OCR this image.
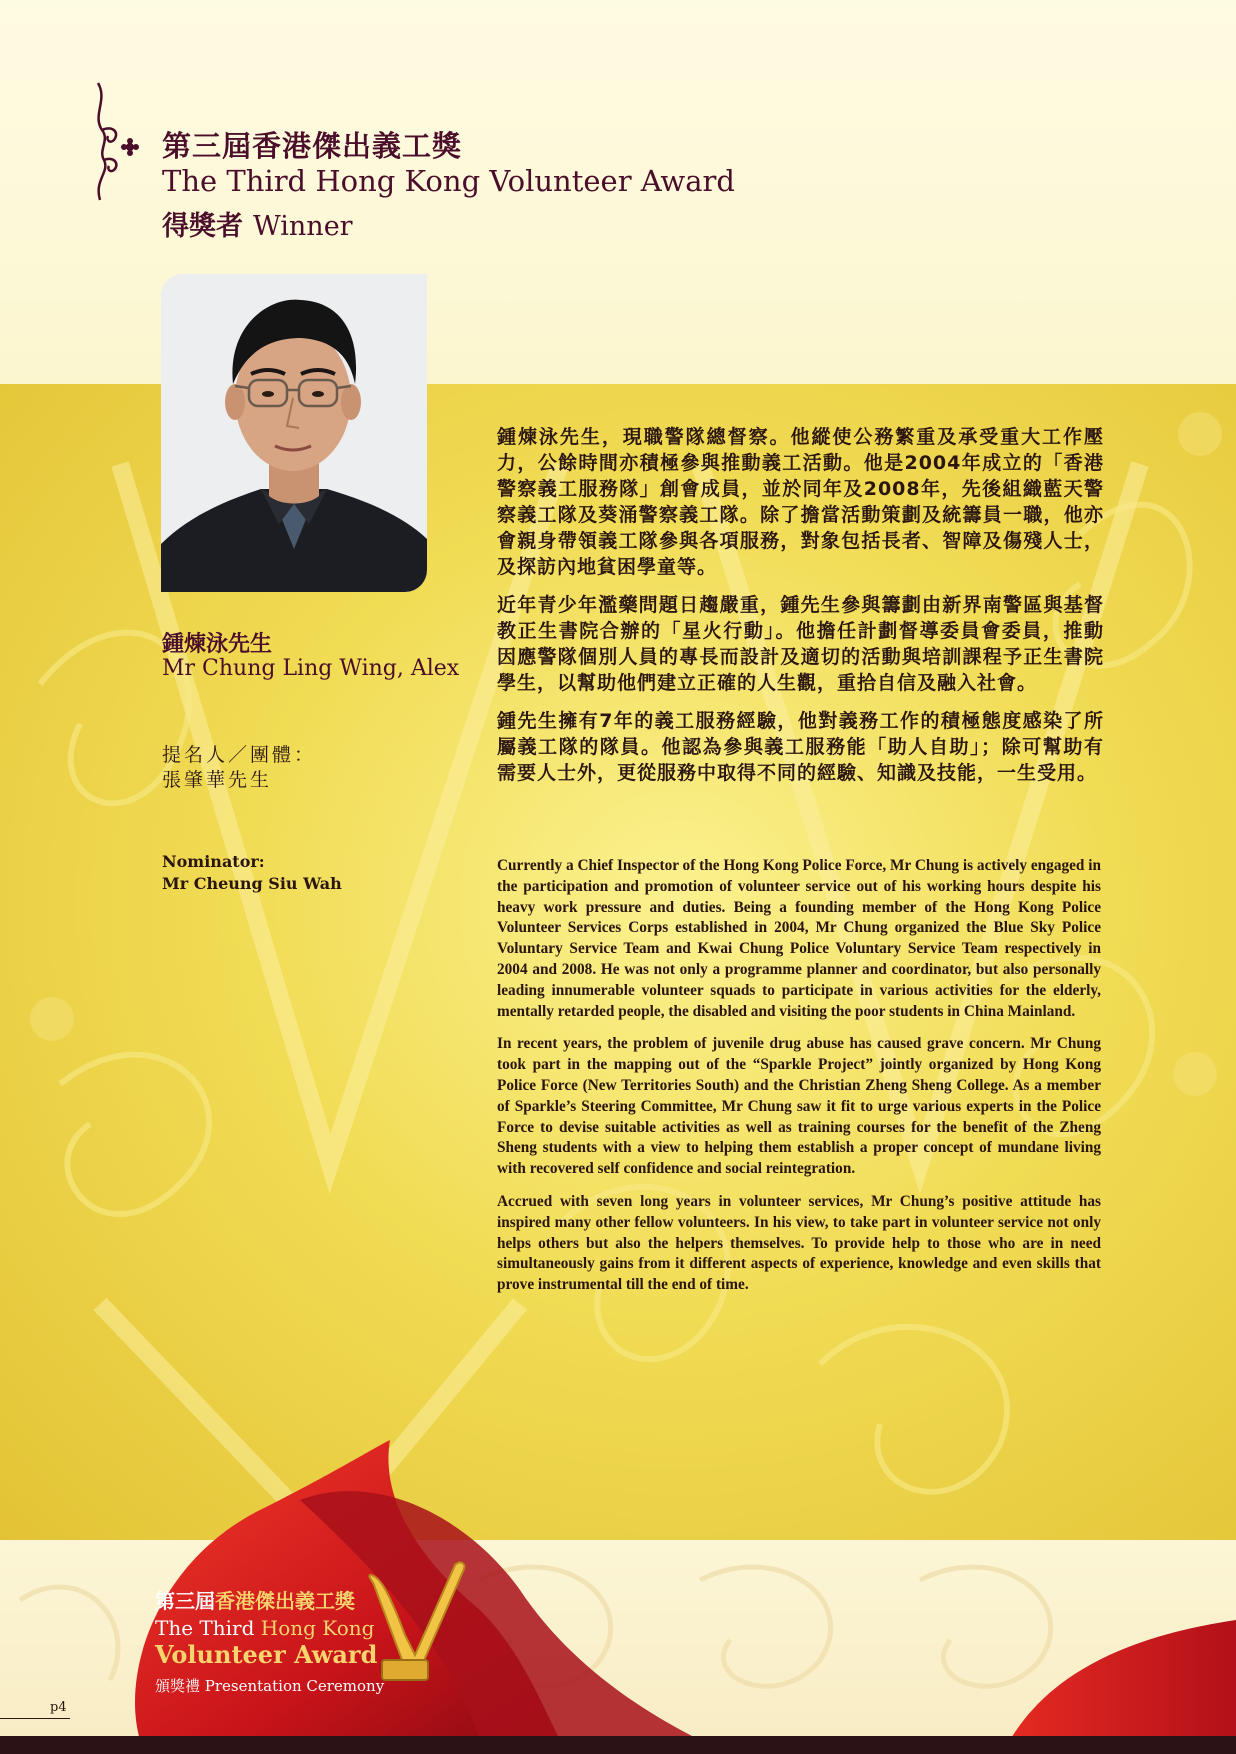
第三屆香港傑出義工獎
The Third Hong Kong Volunteer Award
得獎者 Winner
鍾煉泳先生
Mr Chung Ling Wing, Alex
提名人／團體：
張肇華先生
Nominator:
Mr Cheung Siu Wah

鍾煉泳先生，現職警隊總督察。他縱使公務繁重及承受重大工作壓力，公餘時間亦積極參與推動義工活動。他是2004年成立的「香港警察義工服務隊」創會成員，並於同年及2008年，先後組織藍天警察義工隊及葵涌警察義工隊。除了擔當活動策劃及統籌員一職，他亦會親身帶領義工隊參與各項服務，對象包括長者、智障及傷殘人士，及探訪內地貧困學童等。

近年青少年濫藥問題日趨嚴重，鍾先生參與籌劃由新界南警區與基督教正生書院合辦的「星火行動」。他擔任計劃督導委員會委員，推動因應警隊個別人員的專長而設計及適切的活動與培訓課程予正生書院學生，以幫助他們建立正確的人生觀，重拾自信及融入社會。

鍾先生擁有7年的義工服務經驗，他對義務工作的積極態度感染了所屬義工隊的隊員。他認為參與義工服務能「助人自助」；除可幫助有需要人士外，更從服務中取得不同的經驗、知識及技能，一生受用。

Currently a Chief Inspector of the Hong Kong Police Force, Mr Chung is actively engaged in the participation and promotion of volunteer service out of his working hours despite his heavy work pressure and duties. Being a founding member of the Hong Kong Police Volunteer Services Corps established in 2004, Mr Chung organized the Blue Sky Police Voluntary Service Team and Kwai Chung Police Voluntary Service Team respectively in 2004 and 2008. He was not only a programme planner and coordinator, but also personally leading innumerable volunteer squads to participate in various activities for the elderly, mentally retarded people, the disabled and visiting the poor students in China Mainland.

In recent years, the problem of juvenile drug abuse has caused grave concern. Mr Chung took part in the mapping out of the “Sparkle Project” jointly organized by Hong Kong Police Force (New Territories South) and the Christian Zheng Sheng College. As a member of Sparkle’s Steering Committee, Mr Chung saw it fit to urge various experts in the Police Force to devise suitable activities as well as training courses for the benefit of the Zheng Sheng students with a view to helping them establish a proper concept of mundane living with recovered self confidence and social reintegration.

Accrued with seven long years in volunteer services, Mr Chung’s positive attitude has inspired many other fellow volunteers. In his view, to take part in volunteer service not only helps others but also the helpers themselves. To provide help to those who are in need simultaneously gains from it different aspects of experience, knowledge and even skills that prove instrumental till the end of time.

第三屆香港傑出義工獎
The Third Hong Kong
Volunteer Award
頒獎禮 Presentation Ceremony
p4
